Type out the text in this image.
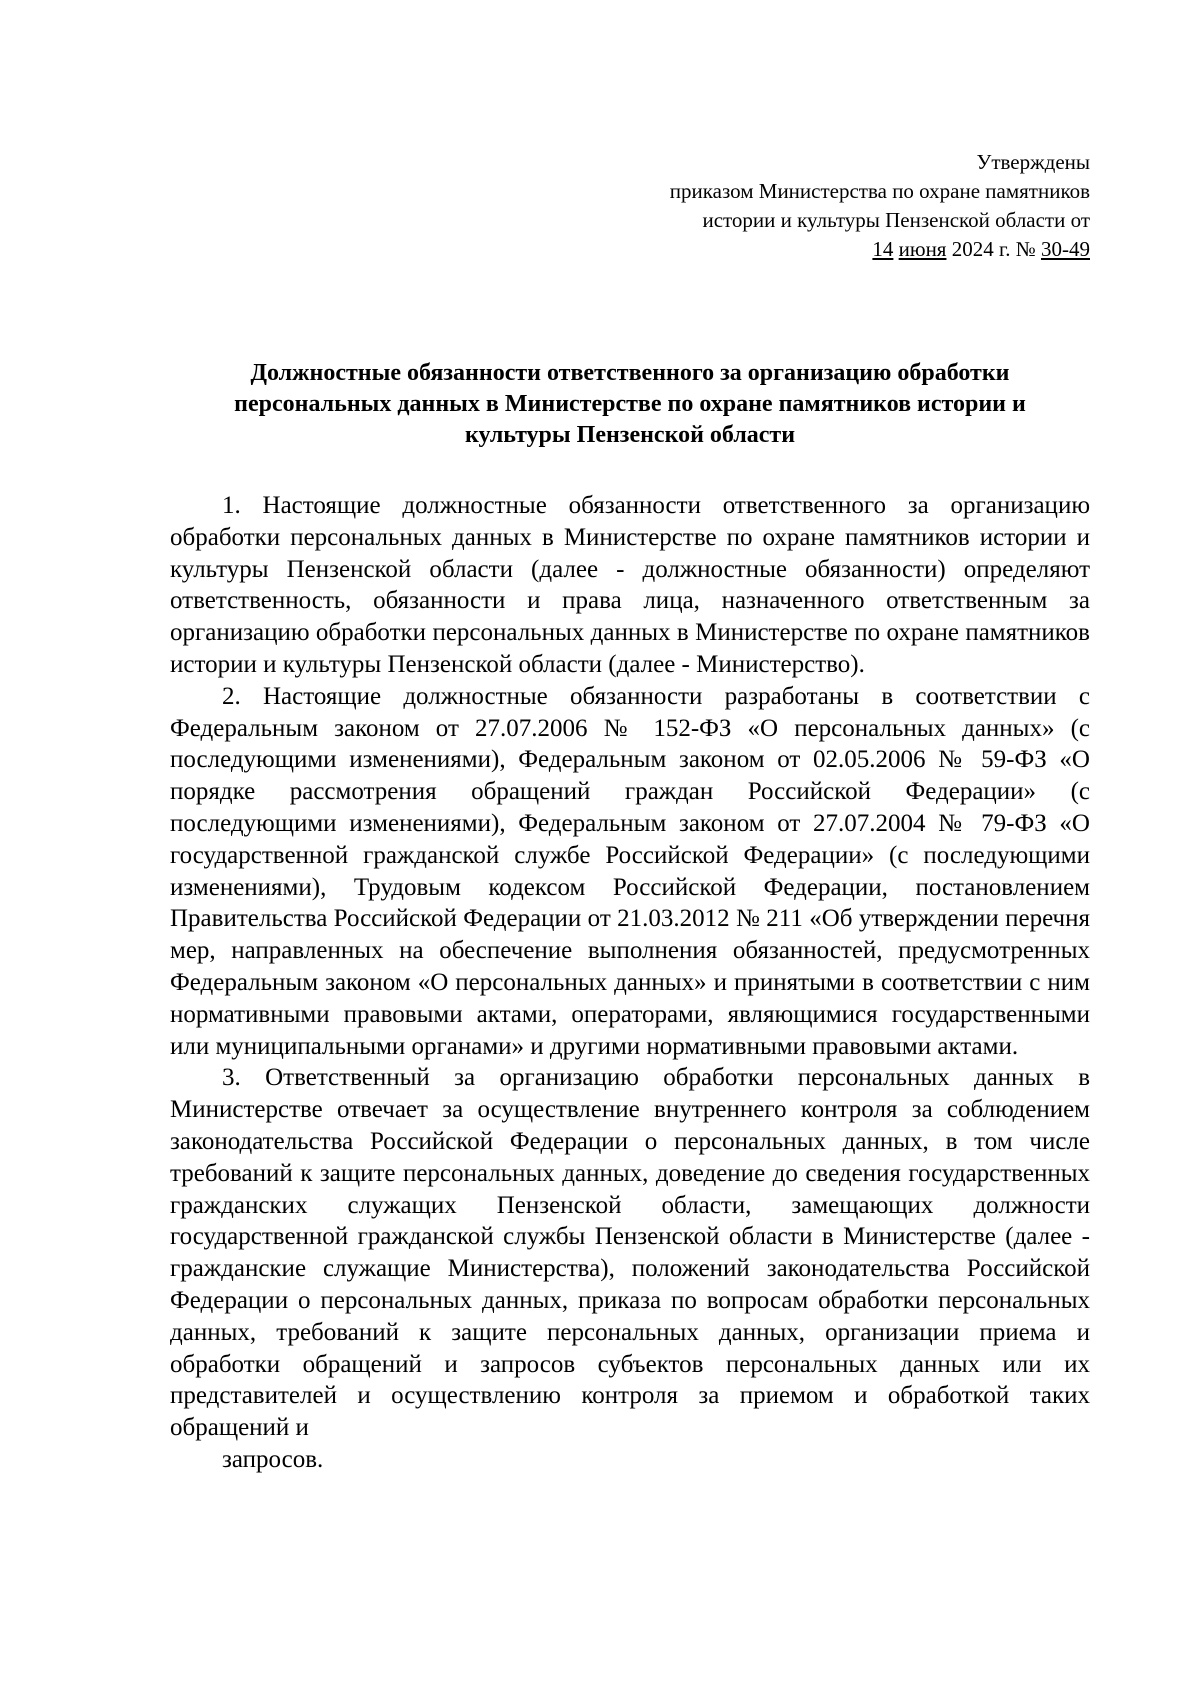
Утверждены
приказом Министерства по охране памятников
истории и культуры Пензенской области от
14 июня 2024 г. № 30-49
Должностные обязанности ответственного за организацию обработки
персональных данных в Министерстве по охране памятников истории и
культуры Пензенской области

1. Настоящие должностные обязанности ответственного за организацию обработки персональных данных в Министерстве по охране памятников истории и культуры Пензенской области (далее - должностные обязанности) определяют ответственность, обязанности и права лица, назначенного ответственным за организацию обработки персональных данных в Министерстве по охране памятников истории и культуры Пензенской области (далее - Министерство).

2. Настоящие должностные обязанности разработаны в соответствии с Федеральным законом от 27.07.2006 № 152-ФЗ «О персональных данных» (с последующими изменениями), Федеральным законом от 02.05.2006 № 59-ФЗ «О порядке рассмотрения обращений граждан Российской Федерации» (с последующими изменениями), Федеральным законом от 27.07.2004 № 79-ФЗ «О государственной гражданской службе Российской Федерации» (с последующими изменениями), Трудовым кодексом Российской Федерации, постановлением Правительства Российской Федерации от 21.03.2012 № 211 «Об утверждении перечня мер, направленных на обеспечение выполнения обязанностей, предусмотренных Федеральным законом «О персональных данных» и принятыми в соответствии с ним нормативными правовыми актами, операторами, являющимися государственными или муниципальными органами» и другими нормативными правовыми актами.

3. Ответственный за организацию обработки персональных данных в Министерстве отвечает за осуществление внутреннего контроля за соблюдением законодательства Российской Федерации о персональных данных, в том числе требований к защите персональных данных, доведение до сведения государственных гражданских служащих Пензенской области, замещающих должности государственной гражданской службы Пензенской области в Министерстве (далее - гражданские служащие Министерства), положений законодательства Российской Федерации о персональных данных, приказа по вопросам обработки персональных данных, требований к защите персональных данных, организации приема и обработки обращений и запросов субъектов персональных данных или их представителей и осуществлению контроля за приемом и обработкой таких обращений и

запросов.
